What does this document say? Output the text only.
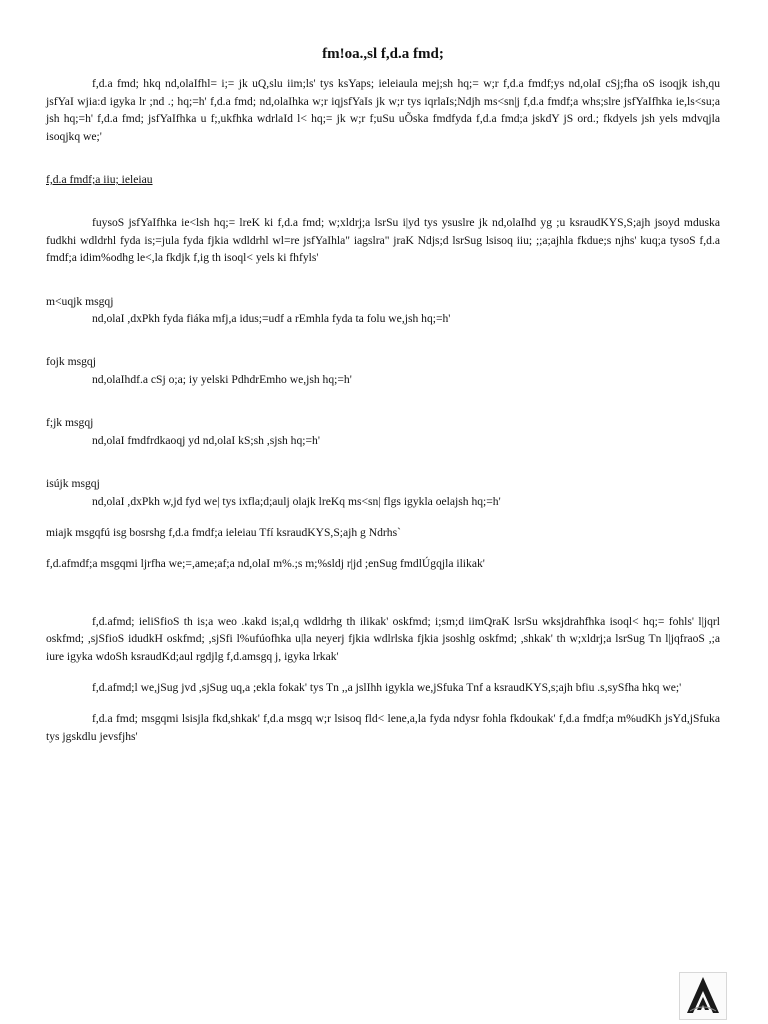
fm!oa.,sl f,d.a fmd;

f,d.a fmd; hkq nd,olaIfhl= i;= jk uQ,slu iim;ls' tys ksYaps; ieleiaula mej;sh hq;= w;r f,d.a fmdf;ys nd,olaI cSj;fha oS isoqjk ish,qu jsfYaI wjia:d igyka lr ;nd .; hq;=h' f,d.a fmd; nd,olaIhka w;r iqjsfYaIs jk w;r tys iqrlaIs;Ndjh ms<sn|j f,d.a fmdf;a whs;slre jsfYaIfhka ie,ls<su;a jsh hq;=h' f,d.a fmd; jsfYaIfhka u f;,ukfhka wdrlaId l< hq;= jk w;r f;uSu uÕska fmdfyda f,d.a fmd;a jskdY jS ord.; fkdyels jsh yels mdvqjla isoqjkq we;'

f,d.a fmdf;a iiu; ieleiau

fuysoS jsfYaIfhka ie<lsh hq;= lreK ki f,d.a fmd; w;xldrj;a lsrSu i|yd tys ysuslre jk nd,olaIhd yg ;u ksraudKYS,S;ajh jsoyd mduska fudkhi wdldrhl fyda is;=jula fyda fjkia wdldrhl wl=re jsfYaIhla" iagslra" jraK Ndjs;d lsrSug lsisoq iiu; ;;a;ajhla fkdue;s njhs' kuq;a tysoS f,d.a fmdf;a idim%odhg le<,la fkdjk f,ig th isoql< yels ki fhfyls'

m<uqjk msgqj

nd,olaI ,dxPkh fyda fiáka mfj,a idus;=udf a rEmhla fyda ta folu we,jsh hq;=h'

fojk msgqj

nd,olaIhdf.a cSj o;a; iy yelski PdhdrEmho we,jsh hq;=h'

f;jk msgqj

nd,olaI fmdfrdkaoqj yd nd,olaI kS;sh ,sjsh hq;=h'

isújk msgqj

nd,olaI ,dxPkh w,jd fyd we| tys ixfla;d;aulj olajk lreKq ms<sn| flgs igykla oelajsh hq;=h'

miajk msgqfú isg bosrshg f,d.a fmdf;a ieleiau Tfí ksraudKYS,S;ajh g Ndrhs`

f,d.afmdf;a msgqmi ljrfha we;=,ame;af;a nd,olaI m%.;s m;%sldj r|jd ;enSug fmdlÚgqjla ilikak'

f,d.afmd; ieliSfioS th is;a weo .kakd is;al,q wdldrhg th ilikak' oskfmd; i;sm;d iimQraK lsrSu wksjdrahfhka isoql< hq;= fohls' l|jqrl oskfmd; ,sjSfioS idudkH oskfmd; ,sjSfi l%ufúofhka u|la neyerj fjkia wdlrlska fjkia jsoshlg oskfmd; ,shkak' th w;xldrj;a lsrSug Tn l|jqfraoS ,;a iure igyka wdoSh ksraudKd;aul rgdjlg f,d.amsgq j, igyka lrkak'

f,d.afmd;l we,jSug jvd ,sjSug uq,a ;ekla fokak' tys Tn ,,a jslIhh igykla we,jSfuka Tnf a ksraudKYS,s;ajh bfiu .s,sySfha hkq we;'

f,d.a fmd; msgqmi lsisjla fkd,shkak' f,d.a msgq w;r lsisoq fld< lene,a,la fyda ndysr fohla fkdoukak' f,d.a fmdf;a m%udKh jsYd,jSfuka tys jgskdlu jevsfjhs'
